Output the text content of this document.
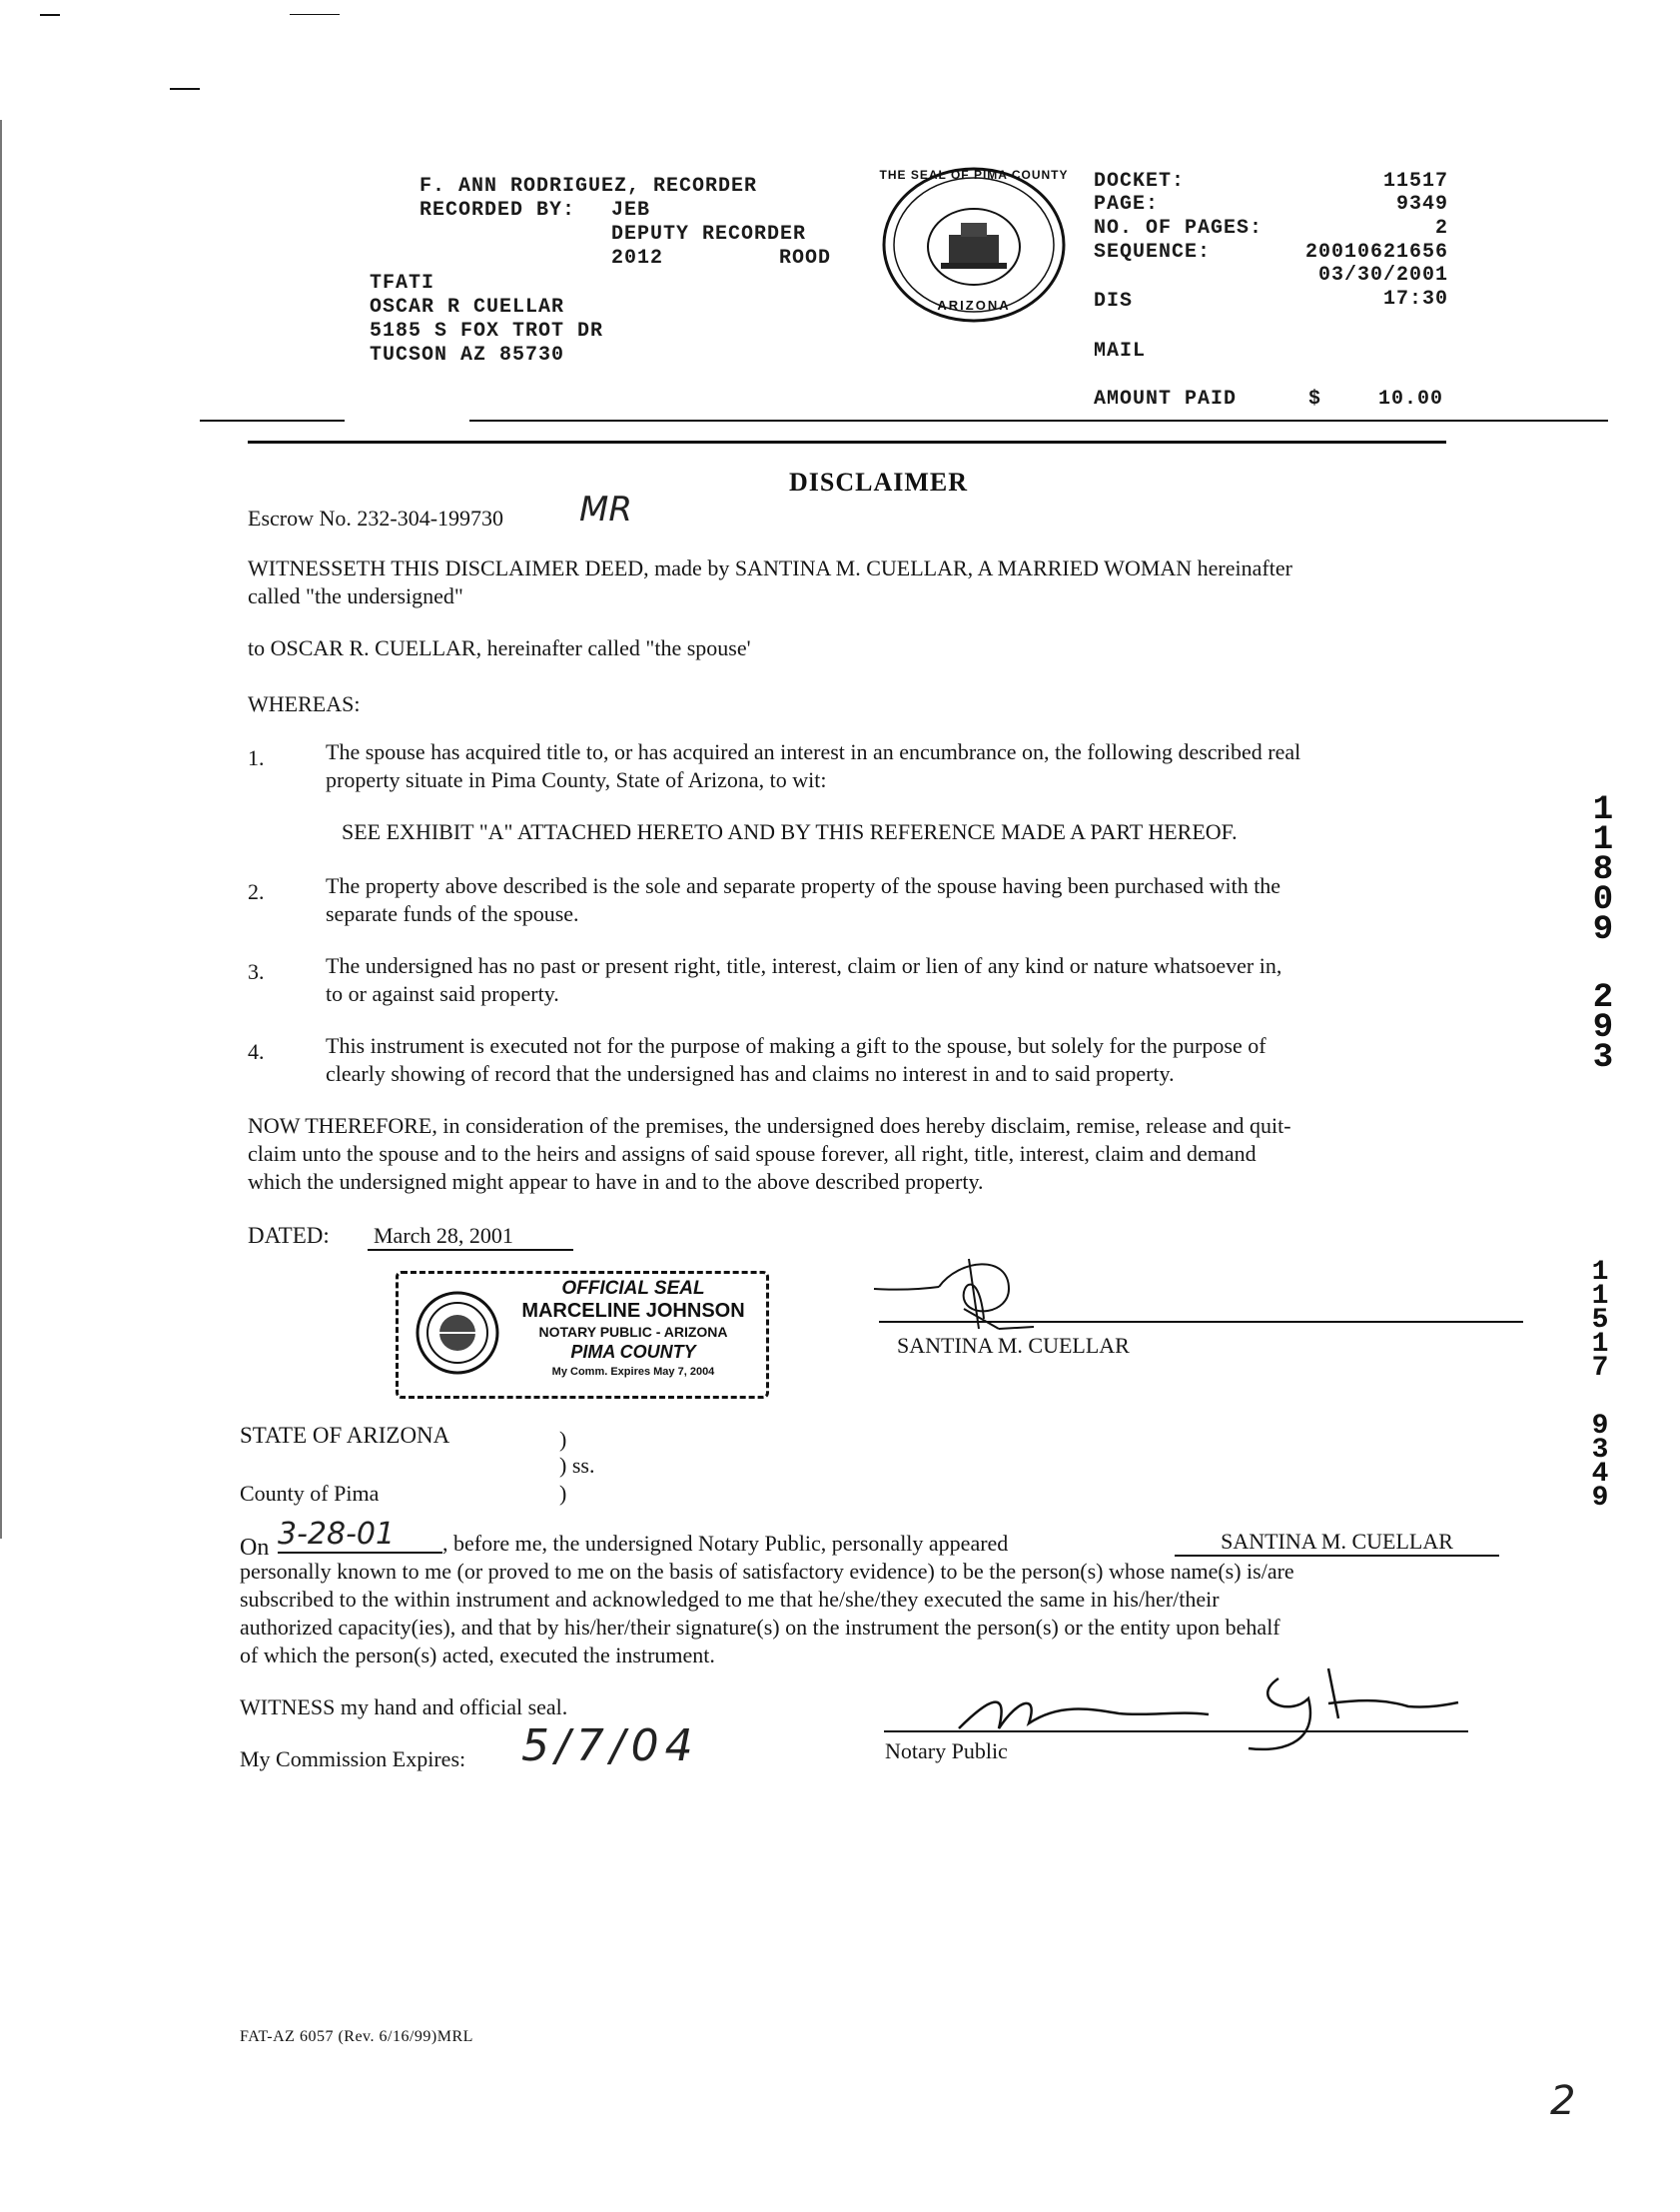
F. ANN RODRIGUEZ, RECORDER
RECORDED BY: JEB
DEPUTY RECORDER
2012	ROOD
TFATI
OSCAR R CUELLAR
5185 S FOX TROT DR
TUCSON AZ 85730
THE SEAL OF PIMA COUNTY
ARIZONA
DOCKET:	11517
PAGE:	9349
NO. OF PAGES:	2
SEQUENCE:	20010621656
03/30/2001
DIS	17:30
MAIL
AMOUNT PAID	$	10.00
DISCLAIMER
Escrow No. 232-304-199730 MR
WITNESSETH THIS DISCLAIMER DEED, made by SANTINA M. CUELLAR, A MARRIED WOMAN hereinafter
called "the undersigned"
to OSCAR R. CUELLAR, hereinafter called "the spouse'
WHEREAS:
1.	The spouse has acquired title to, or has acquired an interest in an encumbrance on, the following described real
property situate in Pima County, State of Arizona, to wit:
SEE EXHIBIT "A" ATTACHED HERETO AND BY THIS REFERENCE MADE A PART HEREOF.
2.	The property above described is the sole and separate property of the spouse having been purchased with the
separate funds of the spouse.
3.	The undersigned has no past or present right, title, interest, claim or lien of any kind or nature whatsoever in,
to or against said property.
4.	This instrument is executed not for the purpose of making a gift to the spouse, but solely for the purpose of
clearly showing of record that the undersigned has and claims no interest in and to said property.
NOW THEREFORE, in consideration of the premises, the undersigned does hereby disclaim, remise, release and quit-
claim unto the spouse and to the heirs and assigns of said spouse forever, all right, title, interest, claim and demand
which the undersigned might appear to have in and to the above described property.
DATED: March 28, 2001
OFFICIAL SEAL
MARCELINE JOHNSON
NOTARY PUBLIC - ARIZONA
PIMA COUNTY
My Comm. Expires May 7, 2004
SANTINA M. CUELLAR
STATE OF ARIZONA	)
) ss.
County of Pima	)
On 3-28-01	, before me, the undersigned Notary Public, personally appeared	SANTINA M. CUELLAR
personally known to me (or proved to me on the basis of satisfactory evidence) to be the person(s) whose name(s) is/are
subscribed to the within instrument and acknowledged to me that he/she/they executed the same in his/her/their
authorized capacity(ies), and that by his/her/their signature(s) on the instrument the person(s) or the entity upon behalf
of which the person(s) acted, executed the instrument.
WITNESS my hand and official seal.
My Commission Expires: 5/7/04	Notary Public
1
1
8
0
9
2
9
3
1
1
5
1
7
9
3
4
9
FAT-AZ 6057 (Rev. 6/16/99)MRL
2
